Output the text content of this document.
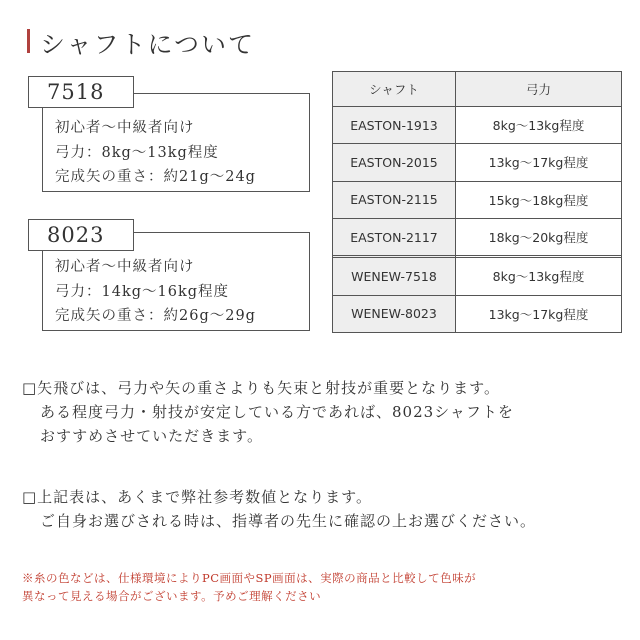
シャフトについて
初心者〜中級者向け
弓力：8kg〜13kg程度
完成矢の重さ：約21g〜24g
7518
初心者〜中級者向け
弓力：14kg〜16kg程度
完成矢の重さ：約26g〜29g
8023
シャフト	弓力
EASTON-1913	8kg〜13kg程度
EASTON-2015	13kg〜17kg程度
EASTON-2115	15kg〜18kg程度
EASTON-2117	18kg〜20kg程度

WENEW-7518	8kg〜13kg程度
WENEW-8023	13kg〜17kg程度
□矢飛びは、弓力や矢の重さよりも矢束と射技が重要となります。
ある程度弓力・射技が安定している方であれば、8023シャフトを
おすすめさせていただきます。
□上記表は、あくまで弊社参考数値となります。
ご自身お選びされる時は、指導者の先生に確認の上お選びください。
※糸の色などは、仕様環境によりPC画面やSP画面は、実際の商品と比較して色味が
異なって見える場合がございます。予めご理解ください
